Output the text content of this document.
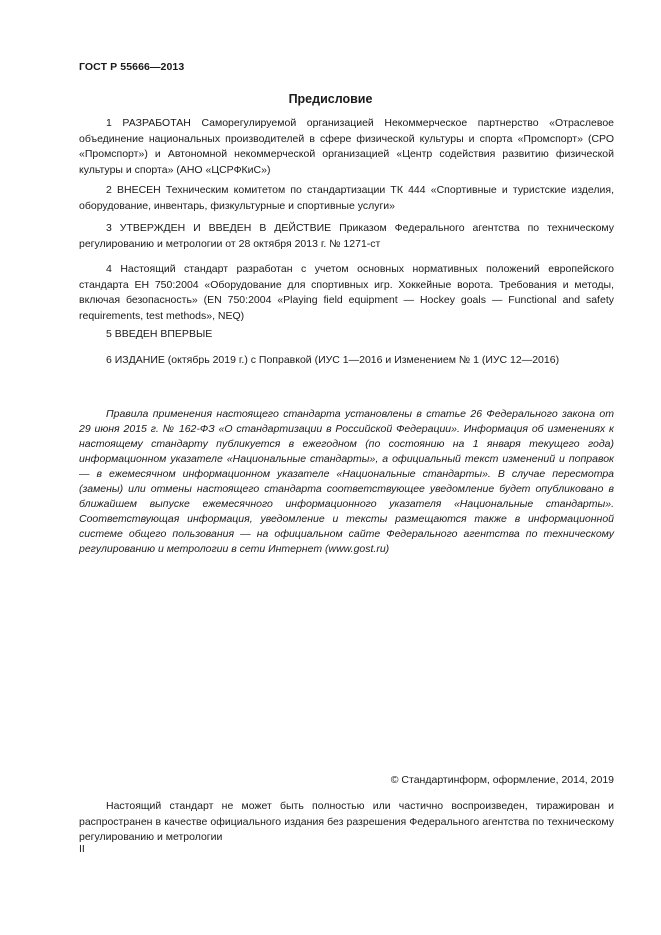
ГОСТ Р 55666—2013
Предисловие

1 РАЗРАБОТАН Саморегулируемой организацией Некоммерческое партнерство «Отраслевое объединение национальных производителей в сфере физической культуры и спорта «Промспорт» (СРО «Промспорт») и Автономной некоммерческой организацией «Центр содействия развитию физической культуры и спорта» (АНО «ЦСРФКиС»)

2 ВНЕСЕН Техническим комитетом по стандартизации ТК 444 «Спортивные и туристские изделия, оборудование, инвентарь, физкультурные и спортивные услуги»

3 УТВЕРЖДЕН И ВВЕДЕН В ДЕЙСТВИЕ Приказом Федерального агентства по техническому регулированию и метрологии от 28 октября 2013 г. № 1271-ст

4 Настоящий стандарт разработан с учетом основных нормативных положений европейского стандарта ЕН 750:2004 «Оборудование для спортивных игр. Хоккейные ворота. Требования и методы, включая безопасность» (EN 750:2004 «Playing field equipment — Hockey goals — Functional and safety requirements, test methods», NEQ)

5 ВВЕДЕН ВПЕРВЫЕ

6 ИЗДАНИЕ (октябрь 2019 г.) с Поправкой (ИУС 1—2016 и Изменением № 1 (ИУС 12—2016)

Правила применения настоящего стандарта установлены в статье 26 Федерального закона от 29 июня 2015 г. № 162-ФЗ «О стандартизации в Российской Федерации». Информация об изменениях к настоящему стандарту публикуется в ежегодном (по состоянию на 1 января текущего года) информационном указателе «Национальные стандарты», а официальный текст изменений и поправок — в ежемесячном информационном указателе «Национальные стандарты». В случае пересмотра (замены) или отмены настоящего стандарта соответствующее уведомление будет опубликовано в ближайшем выпуске ежемесячного информационного указателя «Национальные стандарты». Соответствующая информация, уведомление и тексты размещаются также в информационной системе общего пользования — на официальном сайте Федерального агентства по техническому регулированию и метрологии в сети Интернет (www.gost.ru)

© Стандартинформ, оформление, 2014, 2019

Настоящий стандарт не может быть полностью или частично воспроизведен, тиражирован и распространен в качестве официального издания без разрешения Федерального агентства по техническому регулированию и метрологии

II
